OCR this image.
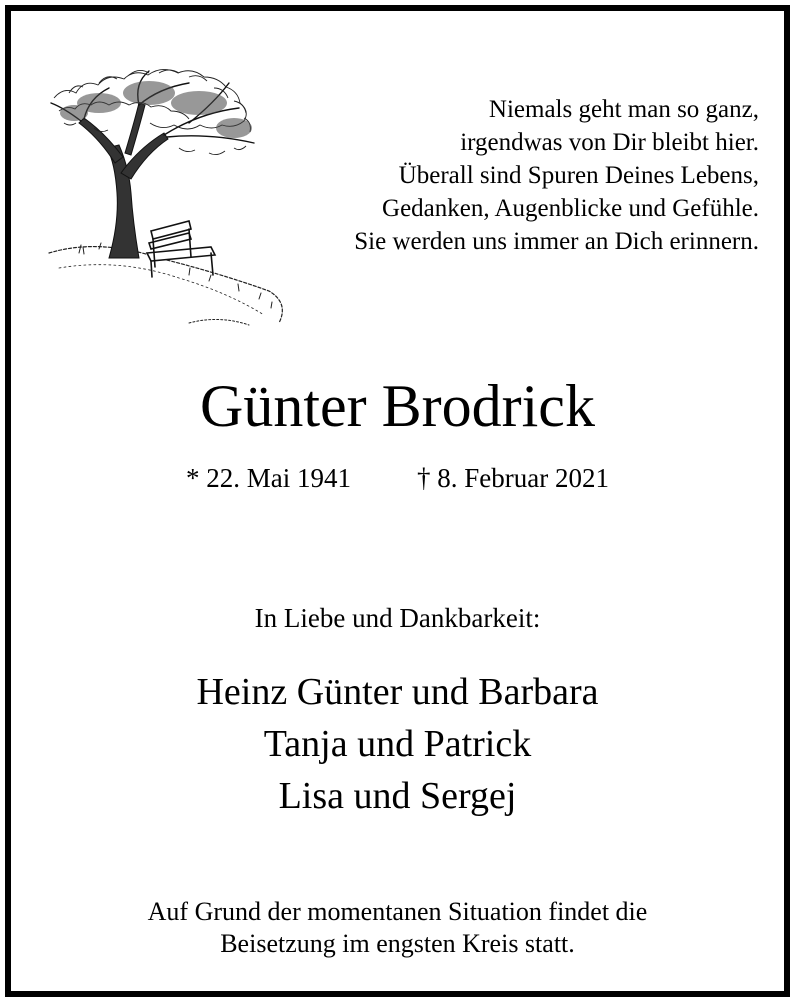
Niemals geht man so ganz,
irgendwas von Dir bleibt hier.
Überall sind Spuren Deines Lebens,
Gedanken, Augenblicke und Gefühle.
Sie werden uns immer an Dich erinnern.
Günter Brodrick
* 22. Mai 1941 † 8. Februar 2021
In Liebe und Dankbarkeit:
Heinz Günter und Barbara
Tanja und Patrick
Lisa und Sergej
Auf Grund der momentanen Situation findet die
Beisetzung im engsten Kreis statt.
